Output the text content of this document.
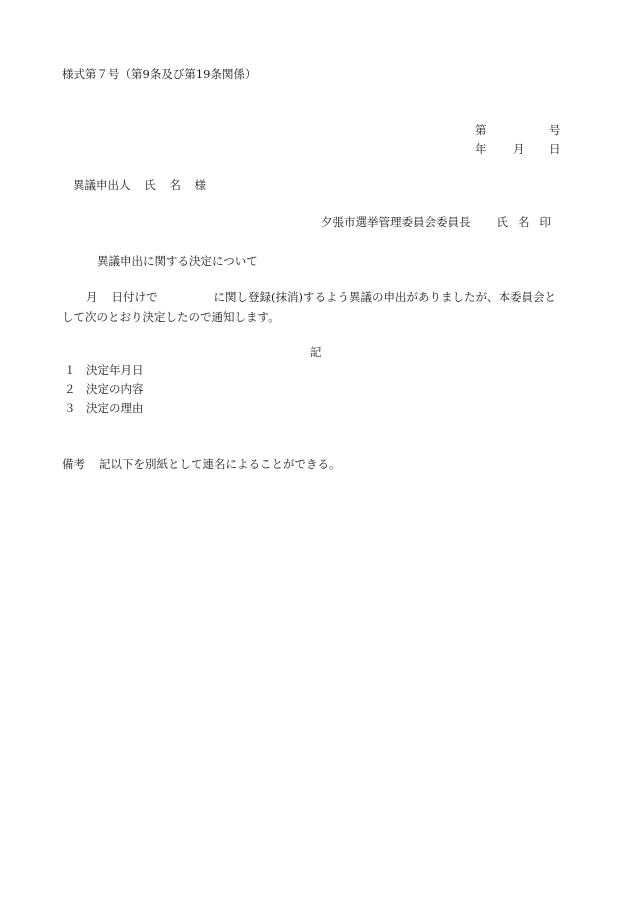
様式第７号（第9条及び第19条関係）
第	号
年 月 日
異議申出人 氏 名 様
夕張市選挙管理委員会委員長 氏 名 印
異議申出に関する決定について
月 日付けで	に関し登録(抹消)するよう異議の申出がありましたが、本委員会と
して次のとおり決定したので通知します。
記
１ 決定年月日
２ 決定の内容
３ 決定の理由
備考 記以下を別紙として連名によることができる。
